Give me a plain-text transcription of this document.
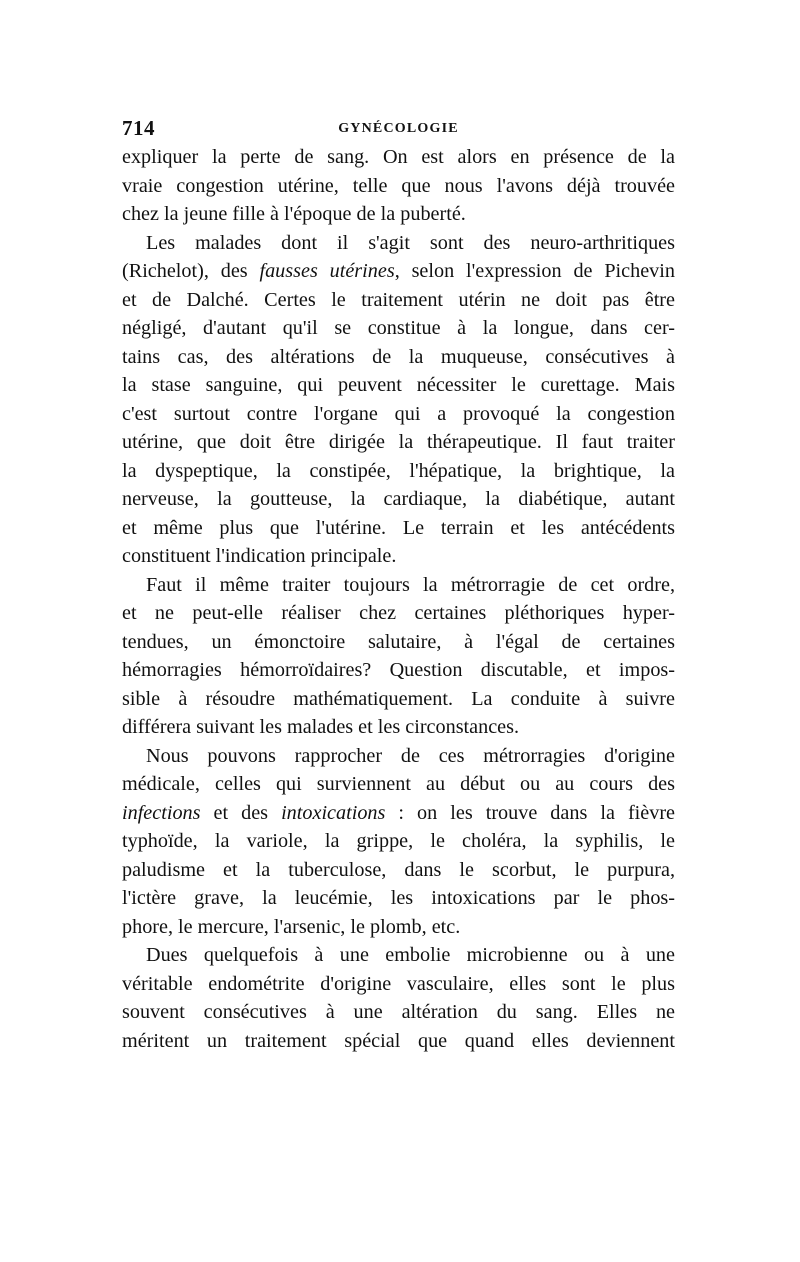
714	GYNÉCOLOGIE

expliquer la perte de sang. On est alors en présence de la
vraie congestion utérine, telle que nous l'avons déjà trouvée
chez la jeune fille à l'époque de la puberté.

Les malades dont il s'agit sont des neuro-arthritiques
(Richelot), des fausses utérines, selon l'expression de Pichevin
et de Dalché. Certes le traitement utérin ne doit pas être
négligé, d'autant qu'il se constitue à la longue, dans cer-
tains cas, des altérations de la muqueuse, consécutives à
la stase sanguine, qui peuvent nécessiter le curettage. Mais
c'est surtout contre l'organe qui a provoqué la congestion
utérine, que doit être dirigée la thérapeutique. Il faut traiter
la dyspeptique, la constipée, l'hépatique, la brightique, la
nerveuse, la goutteuse, la cardiaque, la diabétique, autant
et même plus que l'utérine. Le terrain et les antécédents
constituent l'indication principale.

Faut il même traiter toujours la métrorragie de cet ordre,
et ne peut-elle réaliser chez certaines pléthoriques hyper-
tendues, un émonctoire salutaire, à l'égal de certaines
hémorragies hémorroïdaires? Question discutable, et impos-
sible à résoudre mathématiquement. La conduite à suivre
différera suivant les malades et les circonstances.

Nous pouvons rapprocher de ces métrorragies d'origine
médicale, celles qui surviennent au début ou au cours des
infections et des intoxications : on les trouve dans la fièvre
typhoïde, la variole, la grippe, le choléra, la syphilis, le
paludisme et la tuberculose, dans le scorbut, le purpura,
l'ictère grave, la leucémie, les intoxications par le phos-
phore, le mercure, l'arsenic, le plomb, etc.

Dues quelquefois à une embolie microbienne ou à une
véritable endométrite d'origine vasculaire, elles sont le plus
souvent consécutives à une altération du sang. Elles ne
méritent un traitement spécial que quand elles deviennent
